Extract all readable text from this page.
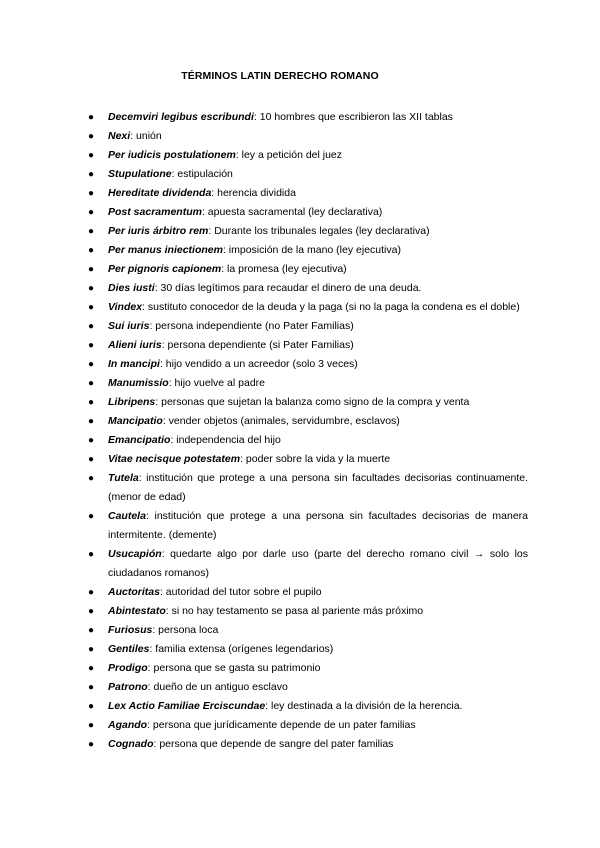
TÉRMINOS LATIN DERECHO ROMANO
● Decemviri legibus escribundi: 10 hombres que escribieron las XII tablas
● Nexi: unión
● Per iudicis postulationem: ley a petición del juez
● Stupulatione: estipulación
● Hereditate dividenda: herencia dividida
● Post sacramentum: apuesta sacramental (ley declarativa)
● Per iuris árbitro rem: Durante los tribunales legales (ley declarativa)
● Per manus iniectionem: imposición de la mano (ley ejecutiva)
● Per pignoris capionem: la promesa (ley ejecutiva)
● Dies iusti: 30 días legítimos para recaudar el dinero de una deuda.
● Vindex: sustituto conocedor de la deuda y la paga (si no la paga la condena es el doble)
● Sui iuris: persona independiente (no Pater Familias)
● Alieni iuris: persona dependiente (si Pater Familias)
● In mancipi: hijo vendido a un acreedor (solo 3 veces)
● Manumissio: hijo vuelve al padre
● Libripens: personas que sujetan la balanza como signo de la compra y venta
● Mancipatio: vender objetos (animales, servidumbre, esclavos)
● Emancipatio: independencia del hijo
● Vitae necisque potestatem: poder sobre la vida y la muerte
● Tutela: institución que protege a una persona sin facultades decisorias continuamente. (menor de edad)
● Cautela: institución que protege a una persona sin facultades decisorias de manera intermitente. (demente)
● Usucapión: quedarte algo por darle uso (parte del derecho romano civil → solo los ciudadanos romanos)
● Auctoritas: autoridad del tutor sobre el pupilo
● Abintestato: si no hay testamento se pasa al pariente más próximo
● Furiosus: persona loca
● Gentiles: familia extensa (orígenes legendarios)
● Prodigo: persona que se gasta su patrimonio
● Patrono: dueño de un antiguo esclavo
● Lex Actio Familiae Erciscundae: ley destinada a la división de la herencia.
● Agando: persona que jurídicamente depende de un pater familias
● Cognado: persona que depende de sangre del pater familias
